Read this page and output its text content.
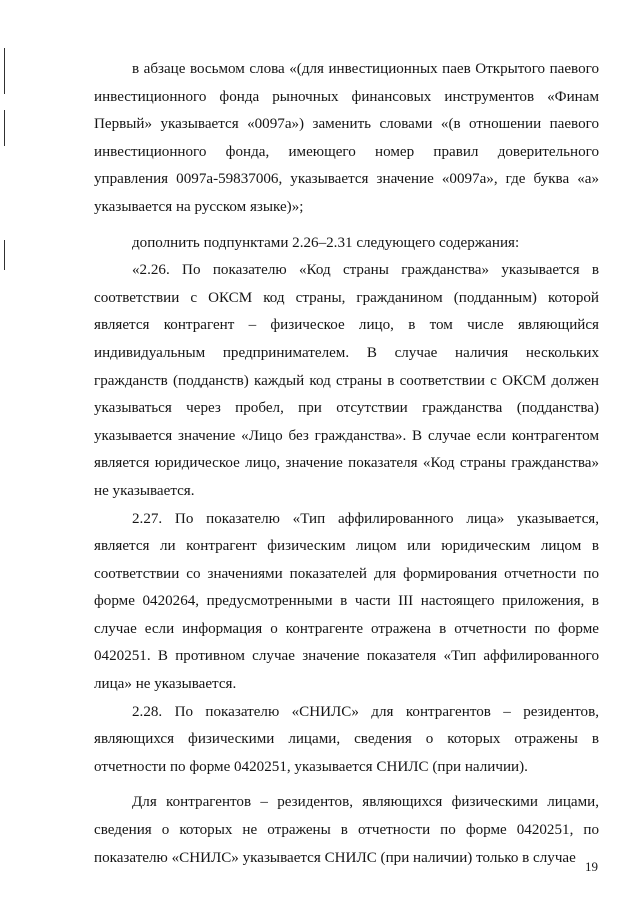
в абзаце восьмом слова «(для инвестиционных паев Открытого паевого инвестиционного фонда рыночных финансовых инструментов «Финам Первый» указывается «0097а») заменить словами «(в отношении паевого инвестиционного фонда, имеющего номер правил доверительного управления 0097а-59837006, указывается значение «0097а», где буква «а» указывается на русском языке)»;

дополнить подпунктами 2.26–2.31 следующего содержания:

«2.26. По показателю «Код страны гражданства» указывается в соответствии с ОКСМ код страны, гражданином (подданным) которой является контрагент – физическое лицо, в том числе являющийся индивидуальным предпринимателем. В случае наличия нескольких гражданств (подданств) каждый код страны в соответствии с ОКСМ должен указываться через пробел, при отсутствии гражданства (подданства) указывается значение «Лицо без гражданства». В случае если контрагентом является юридическое лицо, значение показателя «Код страны гражданства» не указывается.

2.27. По показателю «Тип аффилированного лица» указывается, является ли контрагент физическим лицом или юридическим лицом в соответствии со значениями показателей для формирования отчетности по форме 0420264, предусмотренными в части III настоящего приложения, в случае если информация о контрагенте отражена в отчетности по форме 0420251. В противном случае значение показателя «Тип аффилированного лица» не указывается.

2.28. По показателю «СНИЛС» для контрагентов – резидентов, являющихся физическими лицами, сведения о которых отражены в отчетности по форме 0420251, указывается СНИЛС (при наличии).

Для контрагентов – резидентов, являющихся физическими лицами, сведения о которых не отражены в отчетности по форме 0420251, по показателю «СНИЛС» указывается СНИЛС (при наличии) только в случае

19
